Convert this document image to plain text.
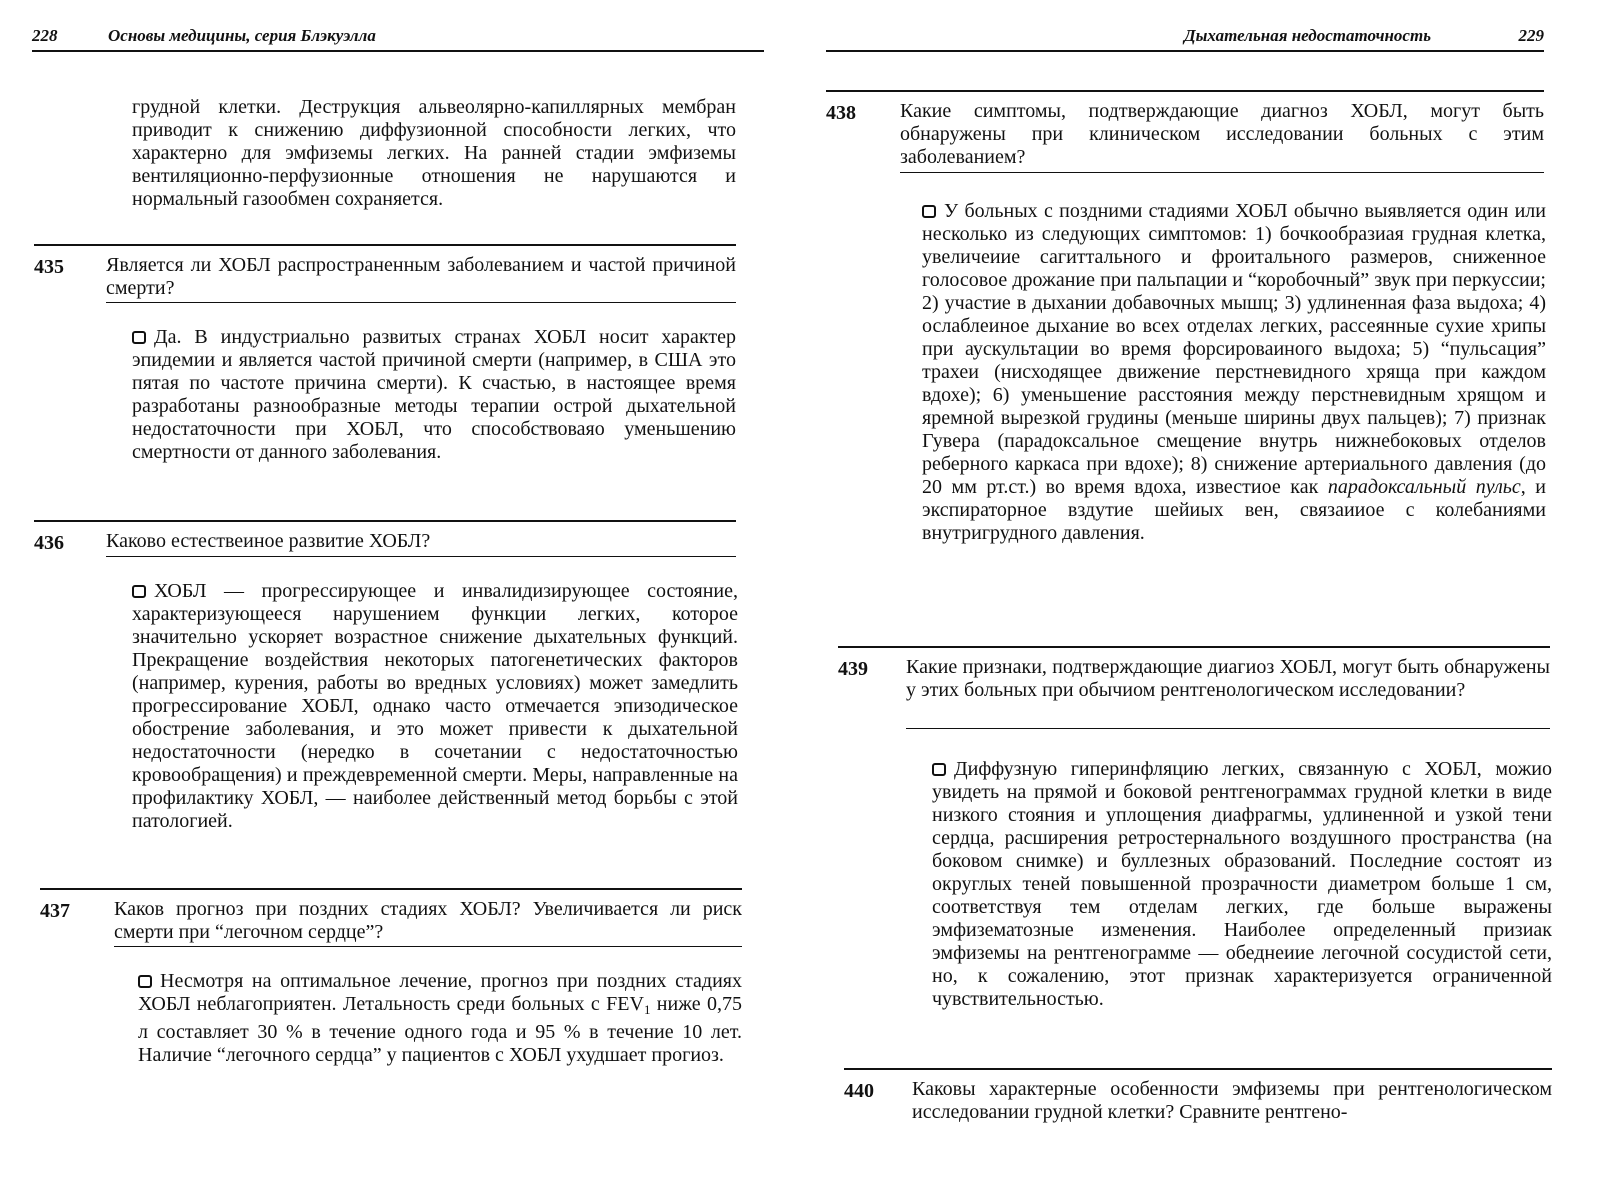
228	Основы медицины, серия Блэкуэлла

грудной клетки. Деструкция альвеолярно-капиллярных мембран приводит к снижению диффузионной способности легких, что характерно для эмфиземы легких. На ранней стадии эмфиземы вентиляционно-перфузионные отношения не нарушаются и нормальный газообмен сохраняется.

435 Является ли ХОБЛ распространенным заболеванием и частой причиной смерти?

Да. В индустриально развитых странах ХОБЛ носит характер эпидемии и является частой причиной смерти (например, в США это пятая по частоте причина смерти). К счастью, в настоящее время разработаны разнообразные методы терапии острой дыхательной недостаточности при ХОБЛ, что способствоваяо уменьшению смертности от данного заболевания.

436 Каково естествеиное развитие ХОБЛ?

ХОБЛ — прогрессирующее и инвалидизирующее состояние, характеризующееся нарушением функции легких, которое значительно ускоряет возрастное снижение дыхательных функций. Прекращение воздействия некоторых патогенетических факторов (например, курения, работы во вредных условиях) может замедлить прогрессирование ХОБЛ, однако часто отмечается эпизодическое обострение заболевания, и это может привести к дыхательной недостаточности (нередко в сочетании с недостаточностью кровообращения) и преждевременной смерти. Меры, направленные на профилактику ХОБЛ, — наиболее действенный метод борьбы с этой патологией.

437 Каков прогноз при поздних стадиях ХОБЛ? Увеличивается ли риск смерти при “легочном сердце”?

Несмотря на оптимальное лечение, прогноз при поздних стадиях ХОБЛ неблагоприятен. Летальность среди больных с $FEV_1$ ниже 0,75 л составляет 30 % в течение одного года и 95 % в течение 10 лет. Наличие “легочного сердца” у пациентов с ХОБЛ ухудшает прогиоз.

Дыхательная недостаточность	229
438 Какие симптомы, подтверждающие диагноз ХОБЛ, могут быть обнаружены при клиническом исследовании больных с этим заболеванием?

У больных с поздними стадиями ХОБЛ обычно выявляется один или несколько из следующих симптомов: 1) бочкообразиая грудная клетка, увеличеиие сагиттального и фроитального размеров, сниженное голосовое дрожание при пальпации и “коробочный” звук при перкуссии; 2) участие в дыхании добавочных мышц; 3) удлиненная фаза выдоха; 4) ослаблеиное дыхание во всех отделах легких, рассеянные сухие хрипы при аускультации во время форсироваиного выдоха; 5) “пульсация” трахеи (нисходящее движение перстневидного хряща при каждом вдохе); 6) уменьшение расстояния между перстневидным хрящом и яремной вырезкой грудины (меньше ширины двух пальцев); 7) признак Гувера (парадоксальное смещение внутрь нижнебоковых отделов реберного каркаса при вдохе); 8) снижение артериального давления (до 20 мм рт.ст.) во время вдоха, известиое как парадоксальный пульс, и экспираторное вздутие шейиых вен, связаииое с колебаниями внутригрудного давления.

439 Какие признаки, подтверждающие диагиоз ХОБЛ, могут быть обнаружены у этих больных при обычиом рентгенологическом исследовании?

Диффузную гиперинфляцию легких, связанную с ХОБЛ, можио увидеть на прямой и боковой рентгенограммах грудной клетки в виде низкого стояния и уплощения диафрагмы, удлиненной и узкой тени сердца, расширения ретростернального воздушного пространства (на боковом снимке) и буллезных образований. Последние состоят из округлых теней повышенной прозрачности диаметром больше 1 см, соответствуя тем отделам легких, где больше выражены эмфизематозные изменения. Наиболее определенный призиак эмфиземы на рентгенограмме — обеднеиие легочной сосудистой сети, но, к сожалению, этот признак характеризуется ограниченной чувствительностью.

440 Каковы характерные особенности эмфиземы при рентгенологическом исследовании грудной клетки? Сравните рентгено-
